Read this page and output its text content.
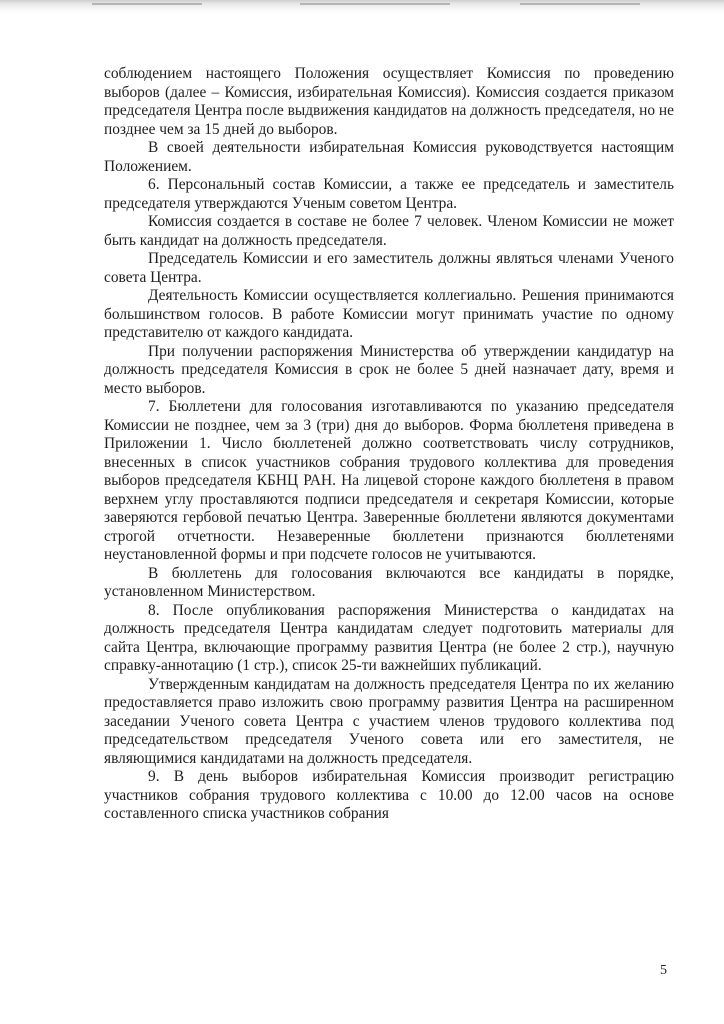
соблюдением настоящего Положения осуществляет Комиссия по проведению выборов (далее – Комиссия, избирательная Комиссия). Комиссия создается приказом председателя Центра после выдвижения кандидатов на должность председателя, но не позднее чем за 15 дней до выборов.

В своей деятельности избирательная Комиссия руководствуется настоящим Положением.

6. Персональный состав Комиссии, а также ее председатель и заместитель председателя утверждаются Ученым советом Центра.

Комиссия создается в составе не более 7 человек. Членом Комиссии не может быть кандидат на должность председателя.

Председатель Комиссии и его заместитель должны являться членами Ученого совета Центра.

Деятельность Комиссии осуществляется коллегиально. Решения принимаются большинством голосов. В работе Комиссии могут принимать участие по одному представителю от каждого кандидата.

При получении распоряжения Министерства об утверждении кандидатур на должность председателя Комиссия в срок не более 5 дней назначает дату, время и место выборов.

7. Бюллетени для голосования изготавливаются по указанию председателя Комиссии не позднее, чем за 3 (три) дня до выборов. Форма бюллетеня приведена в Приложении 1. Число бюллетеней должно соответствовать числу сотрудников, внесенных в список участников собрания трудового коллектива для проведения выборов председателя КБНЦ РАН. На лицевой стороне каждого бюллетеня в правом верхнем углу проставляются подписи председателя и секретаря Комиссии, которые заверяются гербовой печатью Центра. Заверенные бюллетени являются документами строгой отчетности. Незаверенные бюллетени признаются бюллетенями неустановленной формы и при подсчете голосов не учитываются.

В бюллетень для голосования включаются все кандидаты в порядке, установленном Министерством.

8. После опубликования распоряжения Министерства о кандидатах на должность председателя Центра кандидатам следует подготовить материалы для сайта Центра, включающие программу развития Центра (не более 2 стр.), научную справку-аннотацию (1 стр.), список 25-ти важнейших публикаций.

Утвержденным кандидатам на должность председателя Центра по их желанию предоставляется право изложить свою программу развития Центра на расширенном заседании Ученого совета Центра с участием членов трудового коллектива под председательством председателя Ученого совета или его заместителя, не являющимися кандидатами на должность председателя.

9. В день выборов избирательная Комиссия производит регистрацию участников собрания трудового коллектива с 10.00 до 12.00 часов на основе составленного списка участников собрания

5
